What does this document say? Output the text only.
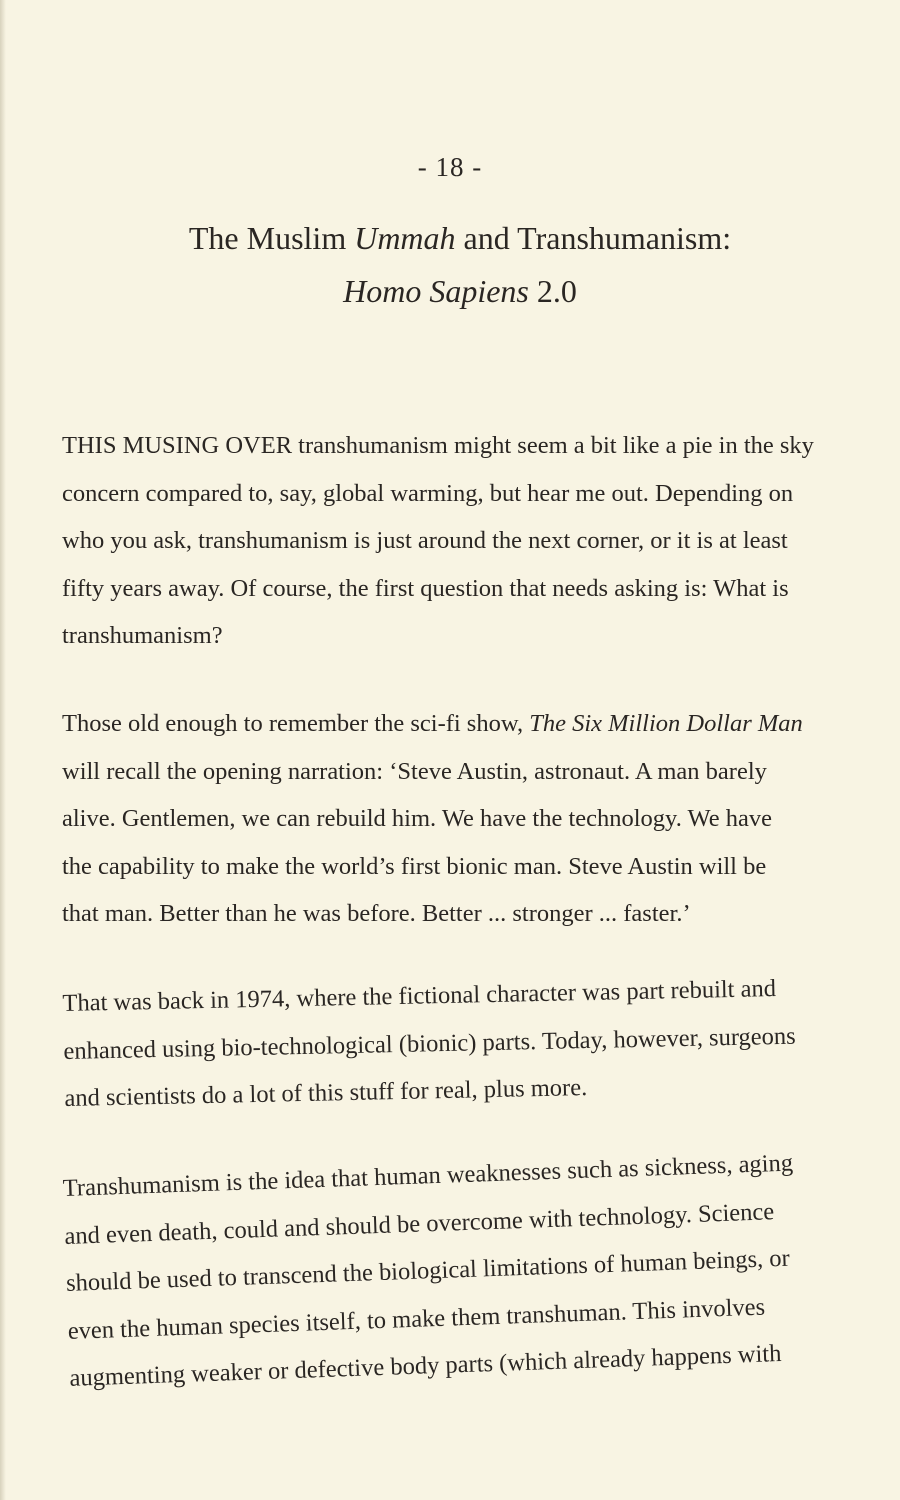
- 18 -
The Muslim Ummah and Transhumanism:
Homo Sapiens 2.0
THIS MUSING OVER transhumanism might seem a bit like a pie in the sky
concern compared to, say, global warming, but hear me out. Depending on
who you ask, transhumanism is just around the next corner, or it is at least
fifty years away. Of course, the first question that needs asking is: What is
transhumanism?
Those old enough to remember the sci-fi show, The Six Million Dollar Man
will recall the opening narration: ‘Steve Austin, astronaut. A man barely
alive. Gentlemen, we can rebuild him. We have the technology. We have
the capability to make the world’s first bionic man. Steve Austin will be
that man. Better than he was before. Better ... stronger ... faster.’
That was back in 1974, where the fictional character was part rebuilt and
enhanced using bio-technological (bionic) parts. Today, however, surgeons
and scientists do a lot of this stuff for real, plus more.
Transhumanism is the idea that human weaknesses such as sickness, aging
and even death, could and should be overcome with technology. Science
should be used to transcend the biological limitations of human beings, or
even the human species itself, to make them transhuman. This involves
augmenting weaker or defective body parts (which already happens with
